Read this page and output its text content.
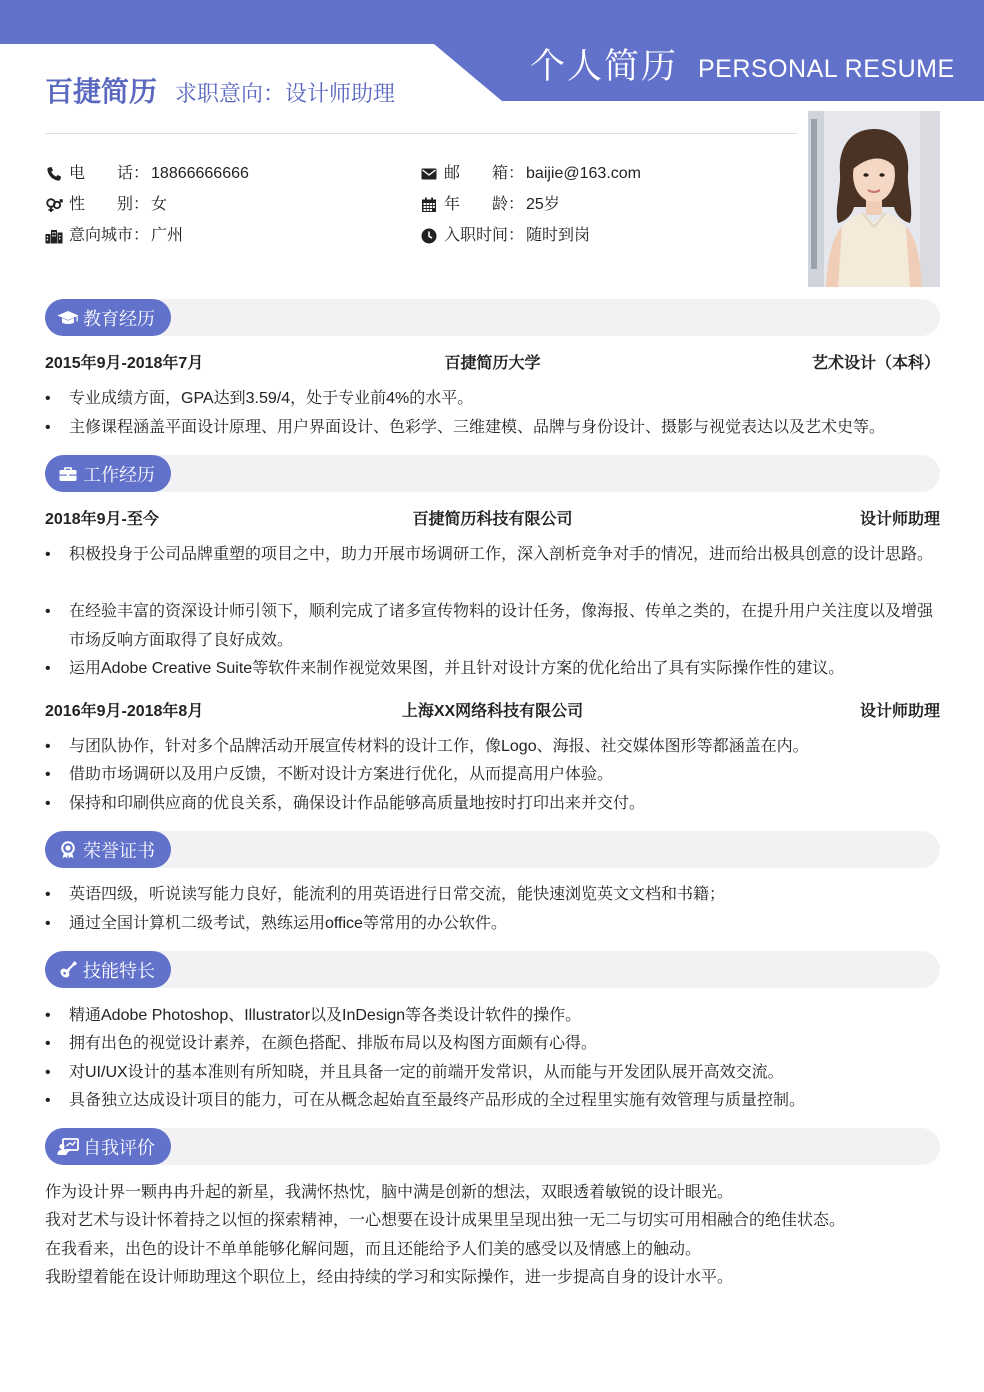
个人简历 PERSONAL RESUME
百捷简历 求职意向：设计师助理
电　　话： 18866666666	邮　　箱： baijie@163.com
性　　别： 女	年　　龄： 25岁
意向城市： 广州	入职时间： 随时到岗
教育经历
2015年9月-2018年7月	百捷简历大学	艺术设计（本科）
• 专业成绩方面，GPA达到3.59/4，处于专业前4%的水平。
• 主修课程涵盖平面设计原理、用户界面设计、色彩学、三维建模、品牌与身份设计、摄影与视觉表达以及艺术史等。
工作经历
2018年9月-至今	百捷简历科技有限公司	设计师助理
• 积极投身于公司品牌重塑的项目之中，助力开展市场调研工作，深入剖析竞争对手的情况，进而给出极具创意的设计思路。
• 在经验丰富的资深设计师引领下，顺利完成了诸多宣传物料的设计任务，像海报、传单之类的，在提升用户关注度以及增强市场反响方面取得了良好成效。
• 运用Adobe Creative Suite等软件来制作视觉效果图，并且针对设计方案的优化给出了具有实际操作性的建议。
2016年9月-2018年8月	上海XX网络科技有限公司	设计师助理
• 与团队协作，针对多个品牌活动开展宣传材料的设计工作，像Logo、海报、社交媒体图形等都涵盖在内。
• 借助市场调研以及用户反馈，不断对设计方案进行优化，从而提高用户体验。
• 保持和印刷供应商的优良关系，确保设计作品能够高质量地按时打印出来并交付。
荣誉证书
• 英语四级，听说读写能力良好，能流利的用英语进行日常交流，能快速浏览英文文档和书籍；
• 通过全国计算机二级考试，熟练运用office等常用的办公软件。
技能特长
• 精通Adobe Photoshop、Illustrator以及InDesign等各类设计软件的操作。
• 拥有出色的视觉设计素养，在颜色搭配、排版布局以及构图方面颇有心得。
• 对UI/UX设计的基本准则有所知晓，并且具备一定的前端开发常识，从而能与开发团队展开高效交流。
• 具备独立达成设计项目的能力，可在从概念起始直至最终产品形成的全过程里实施有效管理与质量控制。
自我评价
作为设计界一颗冉冉升起的新星，我满怀热忱，脑中满是创新的想法，双眼透着敏锐的设计眼光。
我对艺术与设计怀着持之以恒的探索精神，一心想要在设计成果里呈现出独一无二与切实可用相融合的绝佳状态。
在我看来，出色的设计不单单能够化解问题，而且还能给予人们美的感受以及情感上的触动。
我盼望着能在设计师助理这个职位上，经由持续的学习和实际操作，进一步提高自身的设计水平。
